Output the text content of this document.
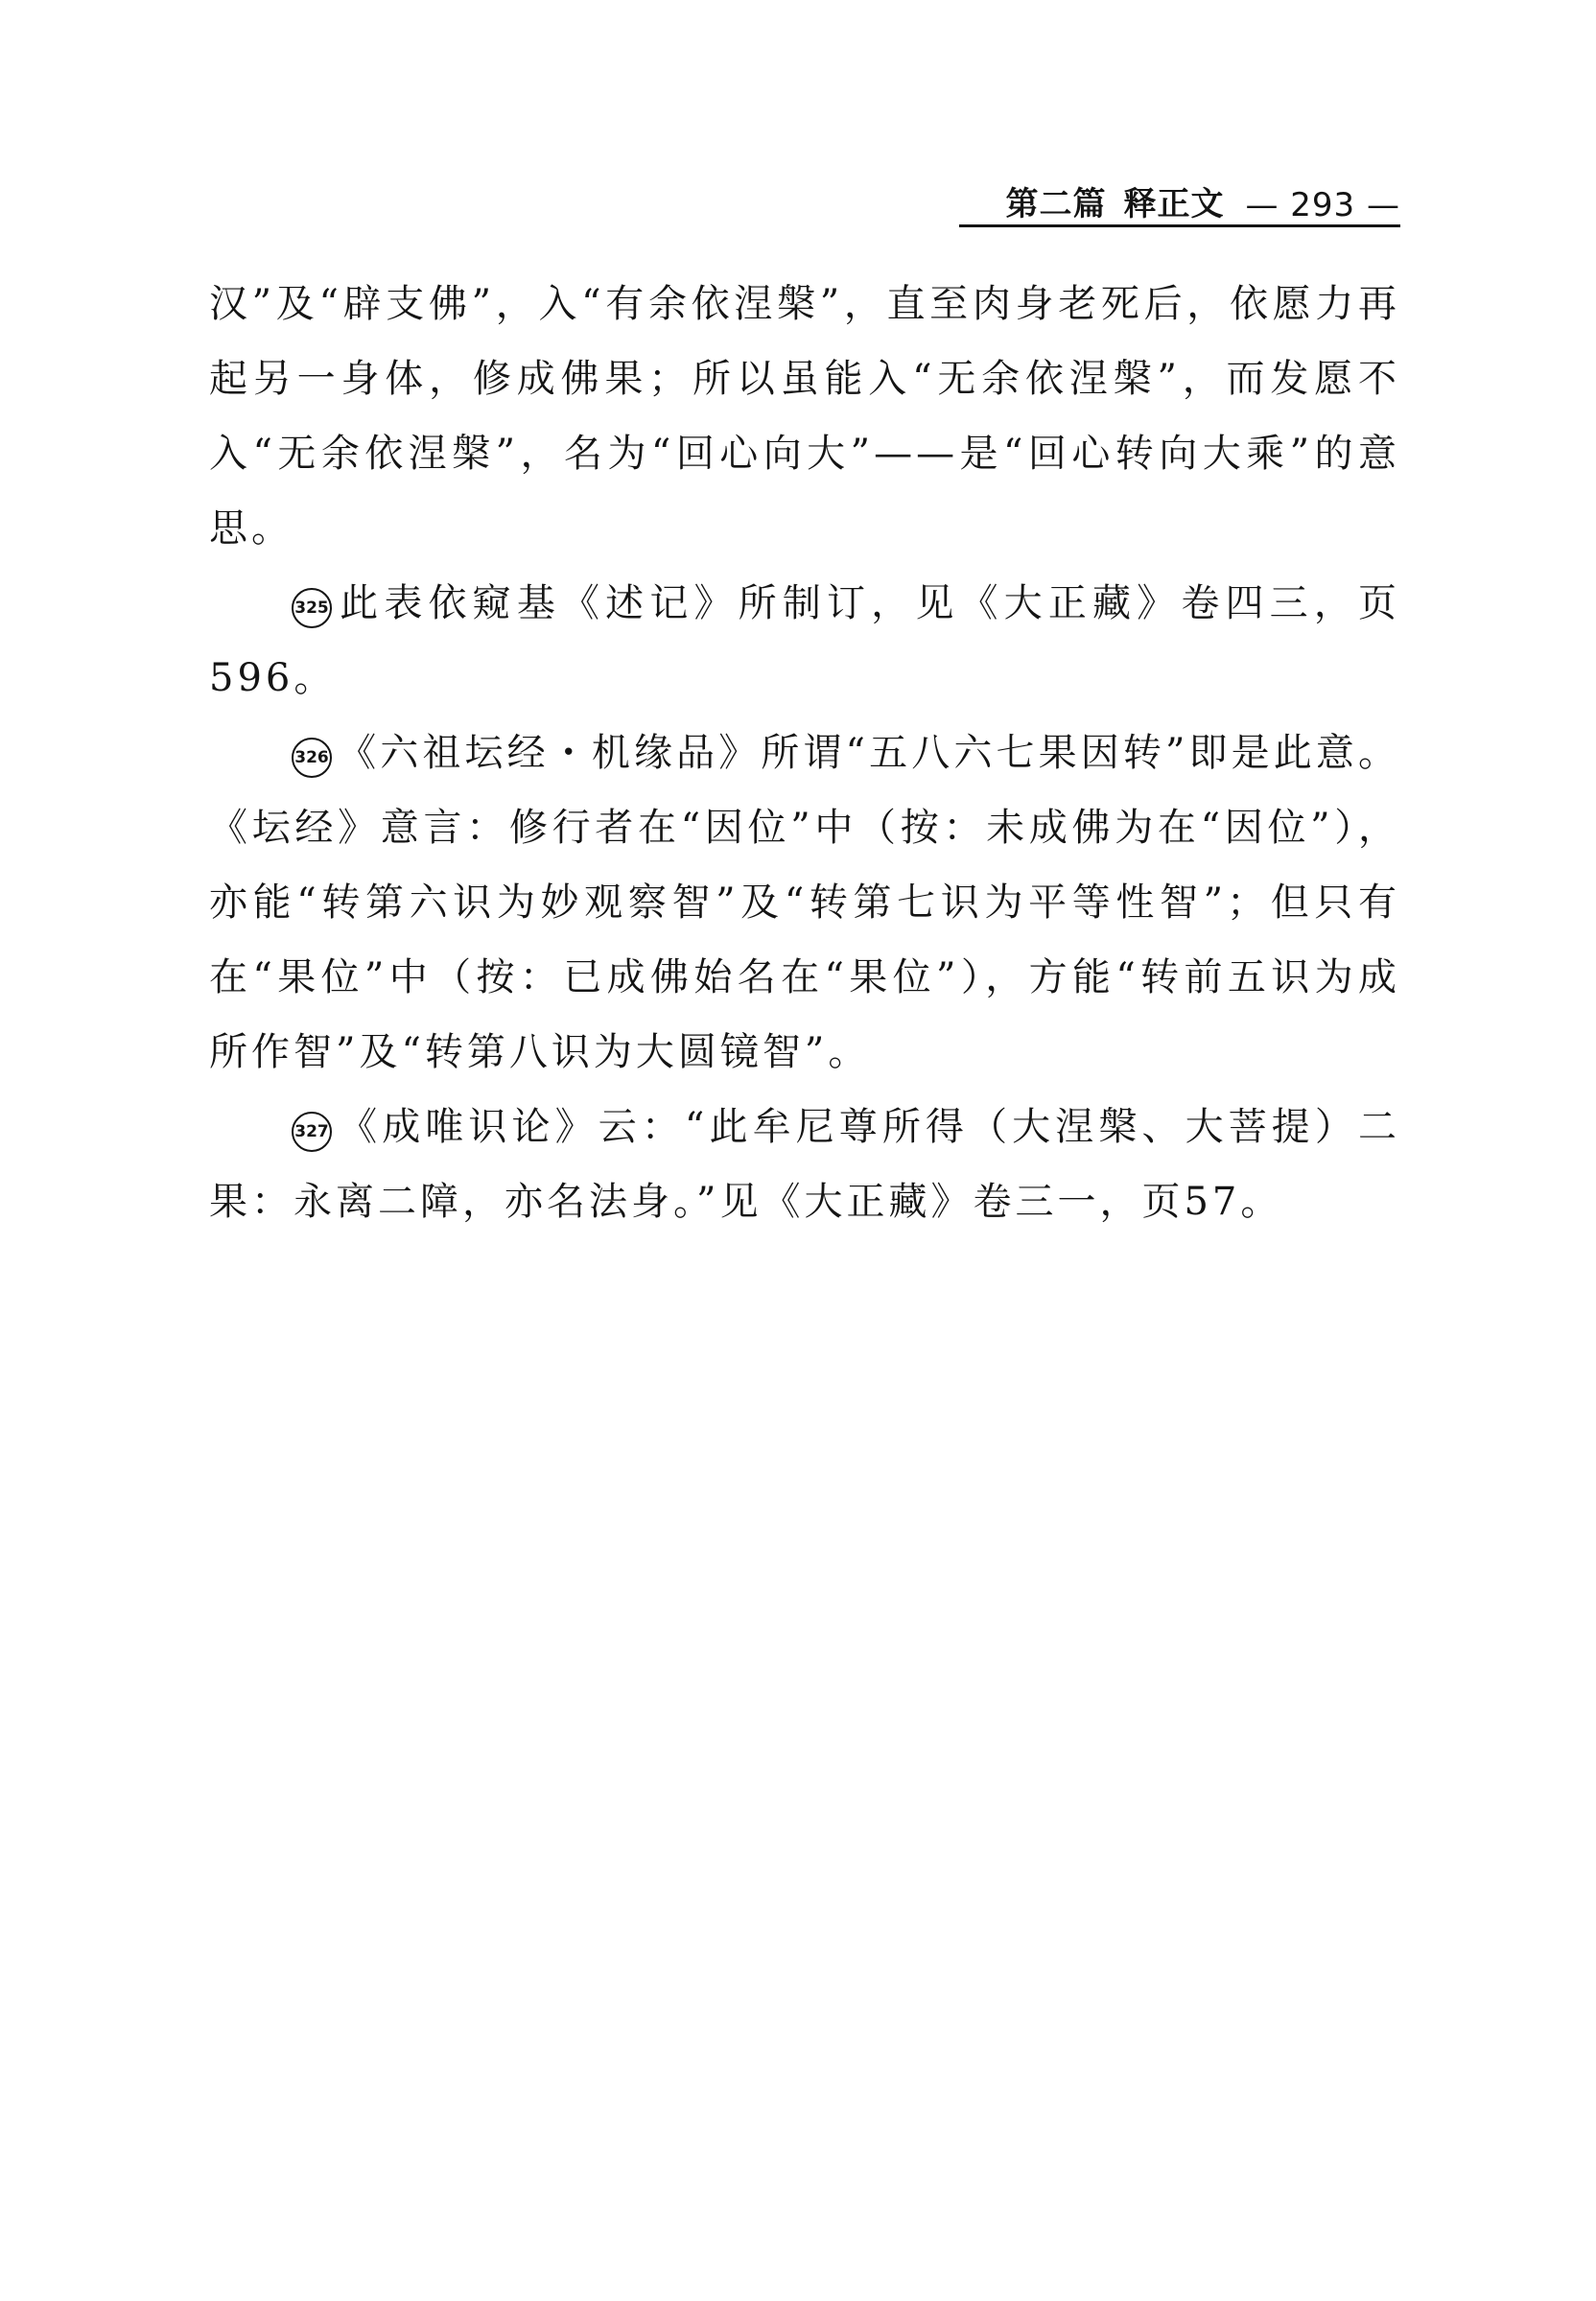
第二篇 释正文 — 293 —

汉”及“辟支佛”，入“有余依涅槃”，直至肉身老死后，依愿力再起另一身体，修成佛果；所以虽能入“无余依涅槃”，而发愿不入“无余依涅槃”，名为“回心向大”——是“回心转向大乘”的意思。

325 此表依窥基《述记》所制订，见《大正藏》卷四三，页596。

326 《六祖坛经・机缘品》所谓“五八六七果因转”即是此意。《坛经》意言：修行者在“因位”中（按：未成佛为在“因位”），亦能“转第六识为妙观察智”及“转第七识为平等性智”；但只有在“果位”中（按：已成佛始名在“果位”），方能“转前五识为成所作智”及“转第八识为大圆镜智”。

327 《成唯识论》云：“此牟尼尊所得（大涅槃、大菩提）二果：永离二障，亦名法身。”见《大正藏》卷三一，页57。
